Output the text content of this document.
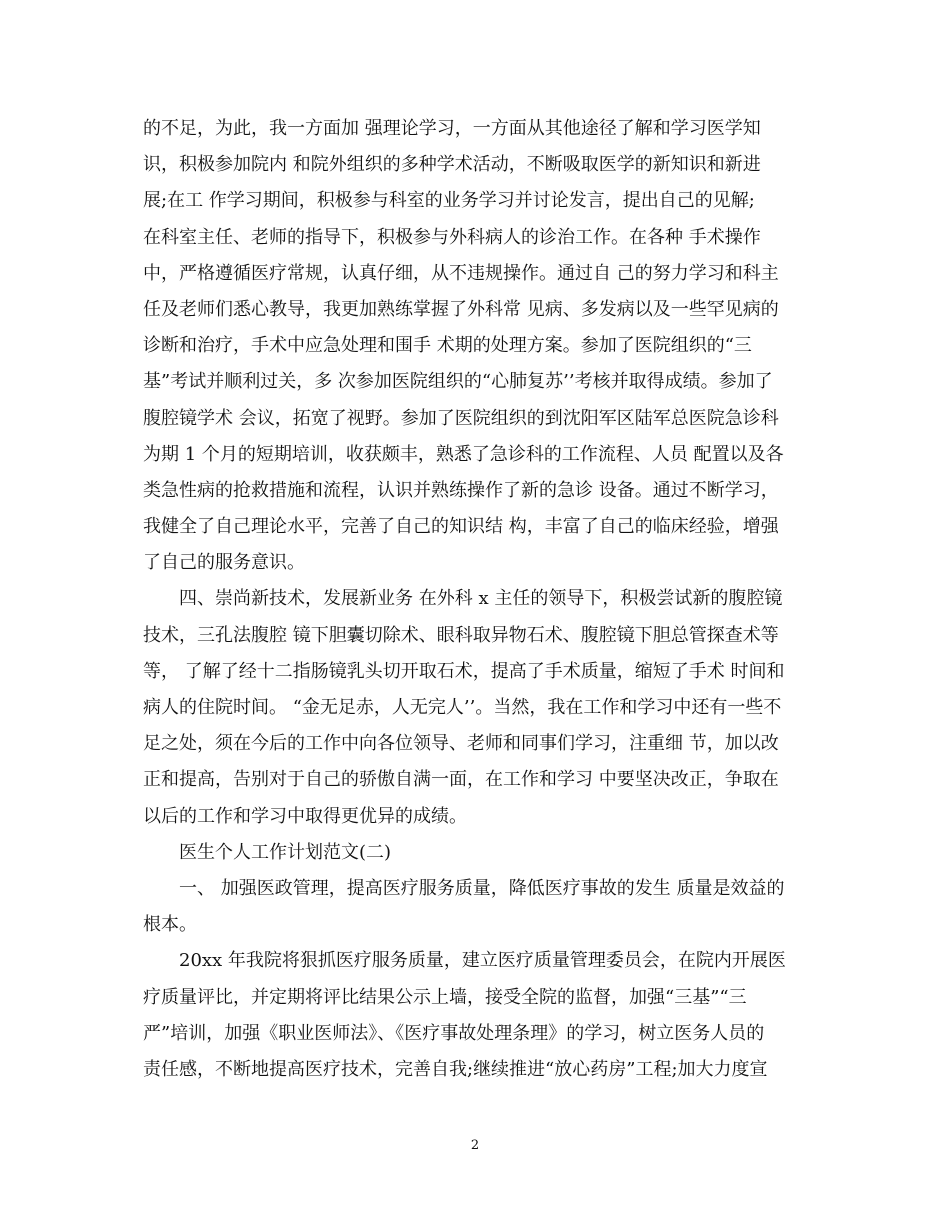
的不足，为此，我一方面加 强理论学习，一方面从其他途径了解和学习医学知
识，积极参加院内 和院外组织的多种学术活动，不断吸取医学的新知识和新进
展;在工 作学习期间，积极参与科室的业务学习并讨论发言，提出自己的见解;
在科室主任、老师的指导下，积极参与外科病人的诊治工作。在各种 手术操作
中，严格遵循医疗常规，认真仔细，从不违规操作。通过自 己的努力学习和科主
任及老师们悉心教导，我更加熟练掌握了外科常 见病、多发病以及一些罕见病的
诊断和治疗，手术中应急处理和围手 术期的处理方案。参加了医院组织的“三
基”考试并顺利过关，多 次参加医院组织的“心肺复苏’’考核并取得成绩。参加了
腹腔镜学术 会议，拓宽了视野。参加了医院组织的到沈阳军区陆军总医院急诊科
为期 1 个月的短期培训，收获颇丰，熟悉了急诊科的工作流程、人员 配置以及各
类急性病的抢救措施和流程，认识并熟练操作了新的急诊 设备。通过不断学习，
我健全了自己理论水平，完善了自己的知识结 构，丰富了自己的临床经验，增强
了自己的服务意识。
四、崇尚新技术，发展新业务 在外科 x 主任的领导下，积极尝试新的腹腔镜
技术，三孔法腹腔 镜下胆囊切除术、眼科取异物石术、腹腔镜下胆总管探查术等
等， 了解了经十二指肠镜乳头切开取石术，提高了手术质量，缩短了手术 时间和
病人的住院时间。 “金无足赤，人无完人’’。当然，我在工作和学习中还有一些不
足之处，须在今后的工作中向各位领导、老师和同事们学习，注重细 节，加以改
正和提高，告别对于自己的骄傲自满一面，在工作和学习 中要坚决改正，争取在
以后的工作和学习中取得更优异的成绩。
医生个人工作计划范文(二)
一、 加强医政管理，提高医疗服务质量，降低医疗事故的发生 质量是效益的
根本。
20xx 年我院将狠抓医疗服务质量，建立医疗质量管理委员会，在院内开展医
疗质量评比，并定期将评比结果公示上墙，接受全院的监督，加强“三基”“三
严”培训，加强《职业医师法》、《医疗事故处理条理》的学习，树立医务人员的
责任感，不断地提高医疗技术，完善自我;继续推进“放心药房”工程;加大力度宣
2
